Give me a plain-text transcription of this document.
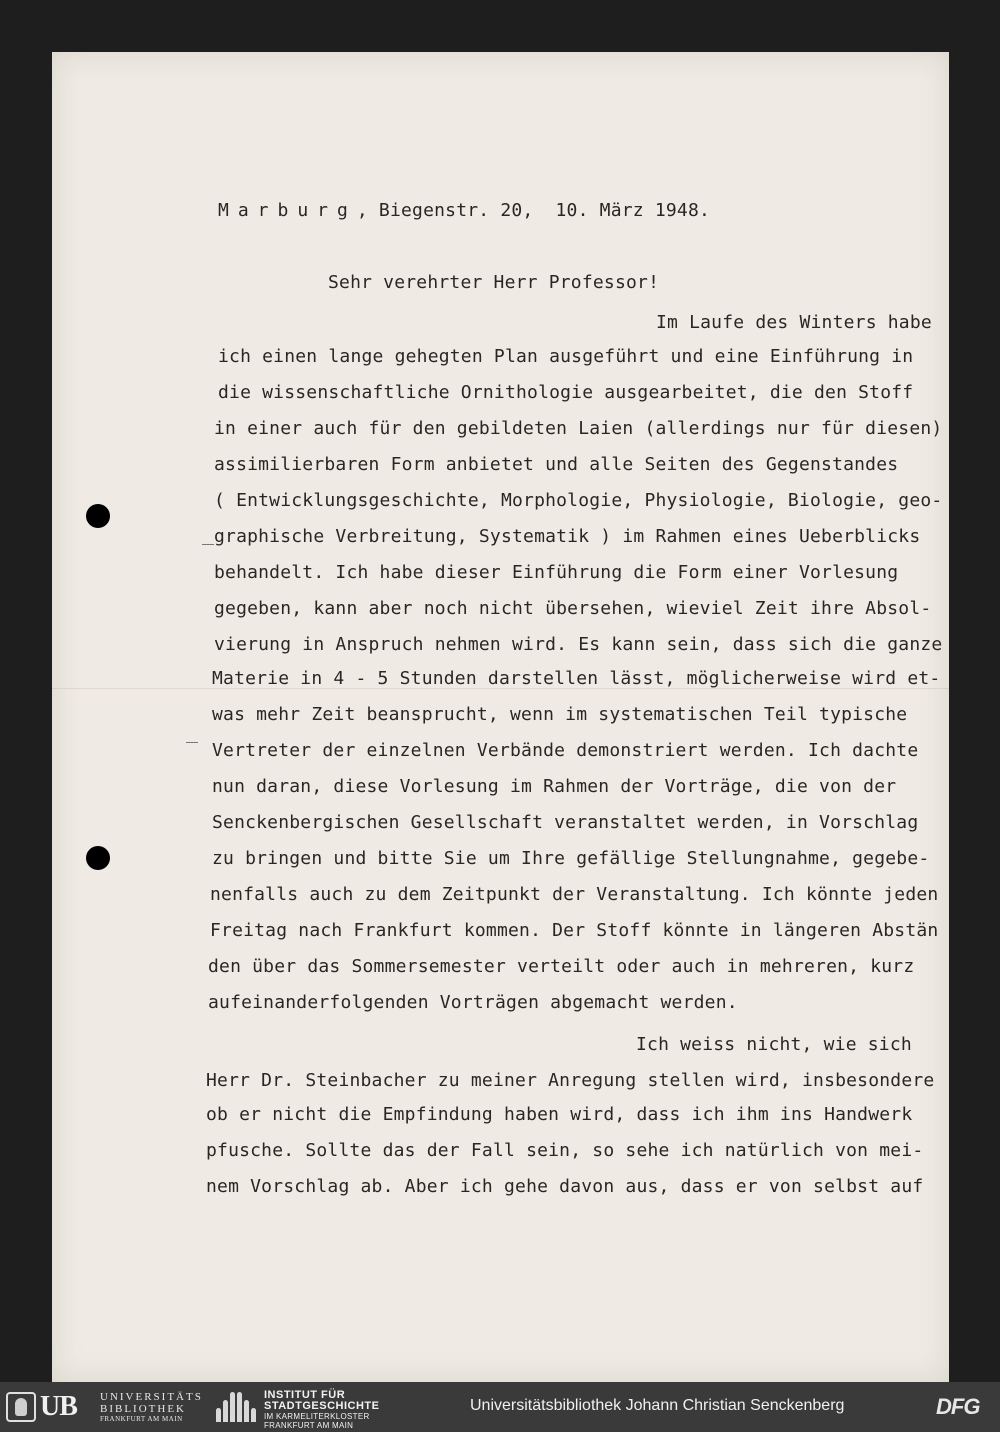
Marburg, Biegenstr. 20,  10. März 1948.
Sehr verehrter Herr Professor!
Im Laufe des Winters habe
ich einen lange gehegten Plan ausgeführt und eine Einführung in
die wissenschaftliche Ornithologie ausgearbeitet, die den Stoff
in einer auch für den gebildeten Laien (allerdings nur für diesen)
assimilierbaren Form anbietet und alle Seiten des Gegenstandes
( Entwicklungsgeschichte, Morphologie, Physiologie, Biologie, geo-
graphische Verbreitung, Systematik ) im Rahmen eines Ueberblicks
behandelt. Ich habe dieser Einführung die Form einer Vorlesung
gegeben, kann aber noch nicht übersehen, wieviel Zeit ihre Absol-
vierung in Anspruch nehmen wird. Es kann sein, dass sich die ganze
Materie in 4 - 5 Stunden darstellen lässt, möglicherweise wird et-
was mehr Zeit beansprucht, wenn im systematischen Teil typische
Vertreter der einzelnen Verbände demonstriert werden. Ich dachte
nun daran, diese Vorlesung im Rahmen der Vorträge, die von der
Senckenbergischen Gesellschaft veranstaltet werden, in Vorschlag
zu bringen und bitte Sie um Ihre gefällige Stellungnahme, gegebe-
nenfalls auch zu dem Zeitpunkt der Veranstaltung. Ich könnte jeden
Freitag nach Frankfurt kommen. Der Stoff könnte in längeren Abstän
den über das Sommersemester verteilt oder auch in mehreren, kurz
aufeinanderfolgenden Vorträgen abgemacht werden.
Ich weiss nicht, wie sich
Herr Dr. Steinbacher zu meiner Anregung stellen wird, insbesondere
ob er nicht die Empfindung haben wird, dass ich ihm ins Handwerk
pfusche. Sollte das der Fall sein, so sehe ich natürlich von mei-
nem Vorschlag ab. Aber ich gehe davon aus, dass er von selbst auf
UB UNIVERSITÄTS
BIBLIOTHEK
FRANKFURT AM MAIN
INSTITUT FÜR
STADTGESCHICHTE
IM KARMELITERKLOSTER
FRANKFURT AM MAIN
Universitätsbibliothek Johann Christian Senckenberg	DFG
